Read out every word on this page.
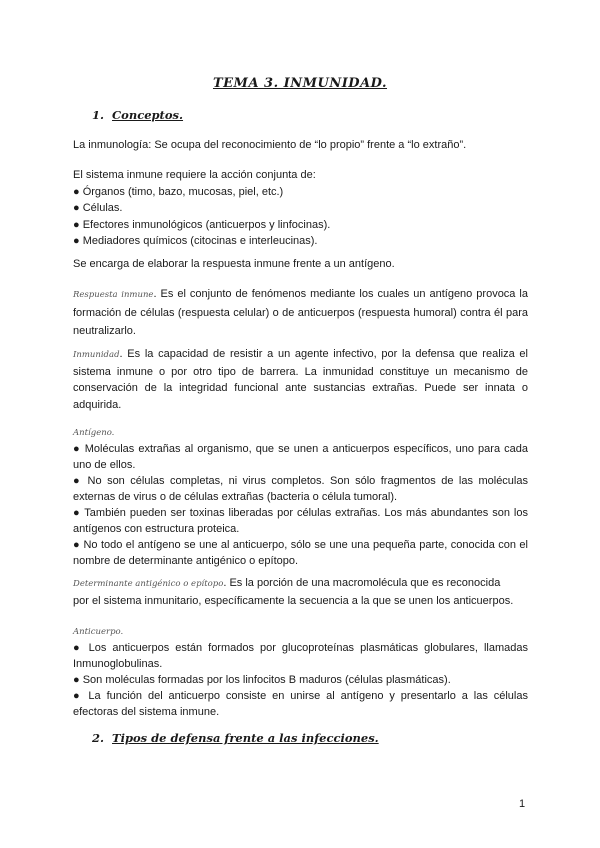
TEMA 3. INMUNIDAD.
1. Conceptos.
La inmunología: Se ocupa del reconocimiento de “lo propio” frente a “lo extraño”.
El sistema inmune requiere la acción conjunta de:
● Órganos (timo, bazo, mucosas, piel, etc.)
● Células.
● Efectores inmunológicos (anticuerpos y linfocinas).
● Mediadores químicos (citocinas e interleucinas).
Se encarga de elaborar la respuesta inmune frente a un antígeno.
Respuesta inmune. Es el conjunto de fenómenos mediante los cuales un antígeno provoca la formación de células (respuesta celular) o de anticuerpos (respuesta humoral) contra él para neutralizarlo.
Inmunidad. Es la capacidad de resistir a un agente infectivo, por la defensa que realiza el sistema inmune o por otro tipo de barrera. La inmunidad constituye un mecanismo de conservación de la integridad funcional ante sustancias extrañas. Puede ser innata o adquirida.
Antígeno.
● Moléculas extrañas al organismo, que se unen a anticuerpos específicos, uno para cada uno de ellos.
● No son células completas, ni virus completos. Son sólo fragmentos de las moléculas externas de virus o de células extrañas (bacteria o célula tumoral).
● También pueden ser toxinas liberadas por células extrañas. Los más abundantes son los antígenos con estructura proteica.
● No todo el antígeno se une al anticuerpo, sólo se une una pequeña parte, conocida con el nombre de determinante antigénico o epítopo.
Determinante antigénico o epítopo. Es la porción de una macromolécula que es reconocida
por el sistema inmunitario, específicamente la secuencia a la que se unen los anticuerpos.
Anticuerpo.
● Los anticuerpos están formados por glucoproteínas plasmáticas globulares, llamadas Inmunoglobulinas.
● Son moléculas formadas por los linfocitos B maduros (células plasmáticas).
● La función del anticuerpo consiste en unirse al antígeno y presentarlo a las células efectoras del sistema inmune.
2. Tipos de defensa frente a las infecciones.
1
